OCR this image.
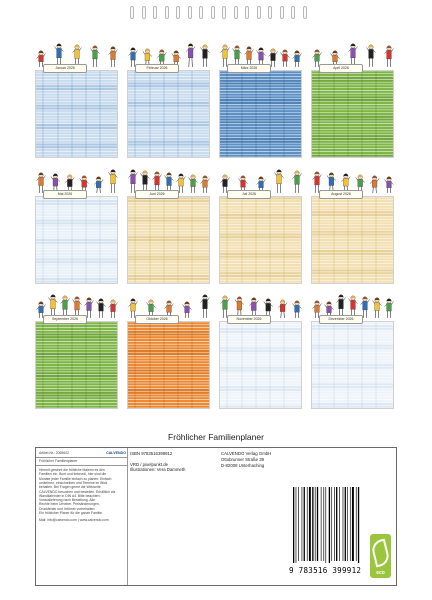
Januar 2026	Februar 2026	März 2026	April 2026
Mai 2026	Juni 2026	Juli 2026	August 2026
September 2026	Oktober 2026	November 2026	Dezember 2026
Fröhlicher Familienplaner
Artikel-Nr.: 2069602	CALVENDO
Fröhlicher Familienplaner
Hiermit gewinnt die fröhliche Malerin es den
Familien ein. Bunt und liebevoll, hier sind die
Monate jeder Familie einfach zu planen: Einfach
umkehren, einschreiben und Termine im Blick
behalten. Bei Fragen gerne die Webseite
CALVENDO besuchen und bestellen. Erhältlich als
Wandkalender in DIN A4. Bitte beachten:
Vorauslieferung nach Bestellung. Alle
Rechte beim Urheber. Preisänderungen,
Druckfehler und Irrtümer vorbehalten.
Ein fröhlicher Planer für die ganze Familie.
ISBN 9783516399912
VRD / pixelpunkt.de
Illustrationen: Vera Dammeth
CALVENDO Verlag GmbH
Ottobrunner Straße 39
D-82008 Unterhaching
9 783516 399912	eco
Mail: info@calvendo.com | www.calvendo.com
